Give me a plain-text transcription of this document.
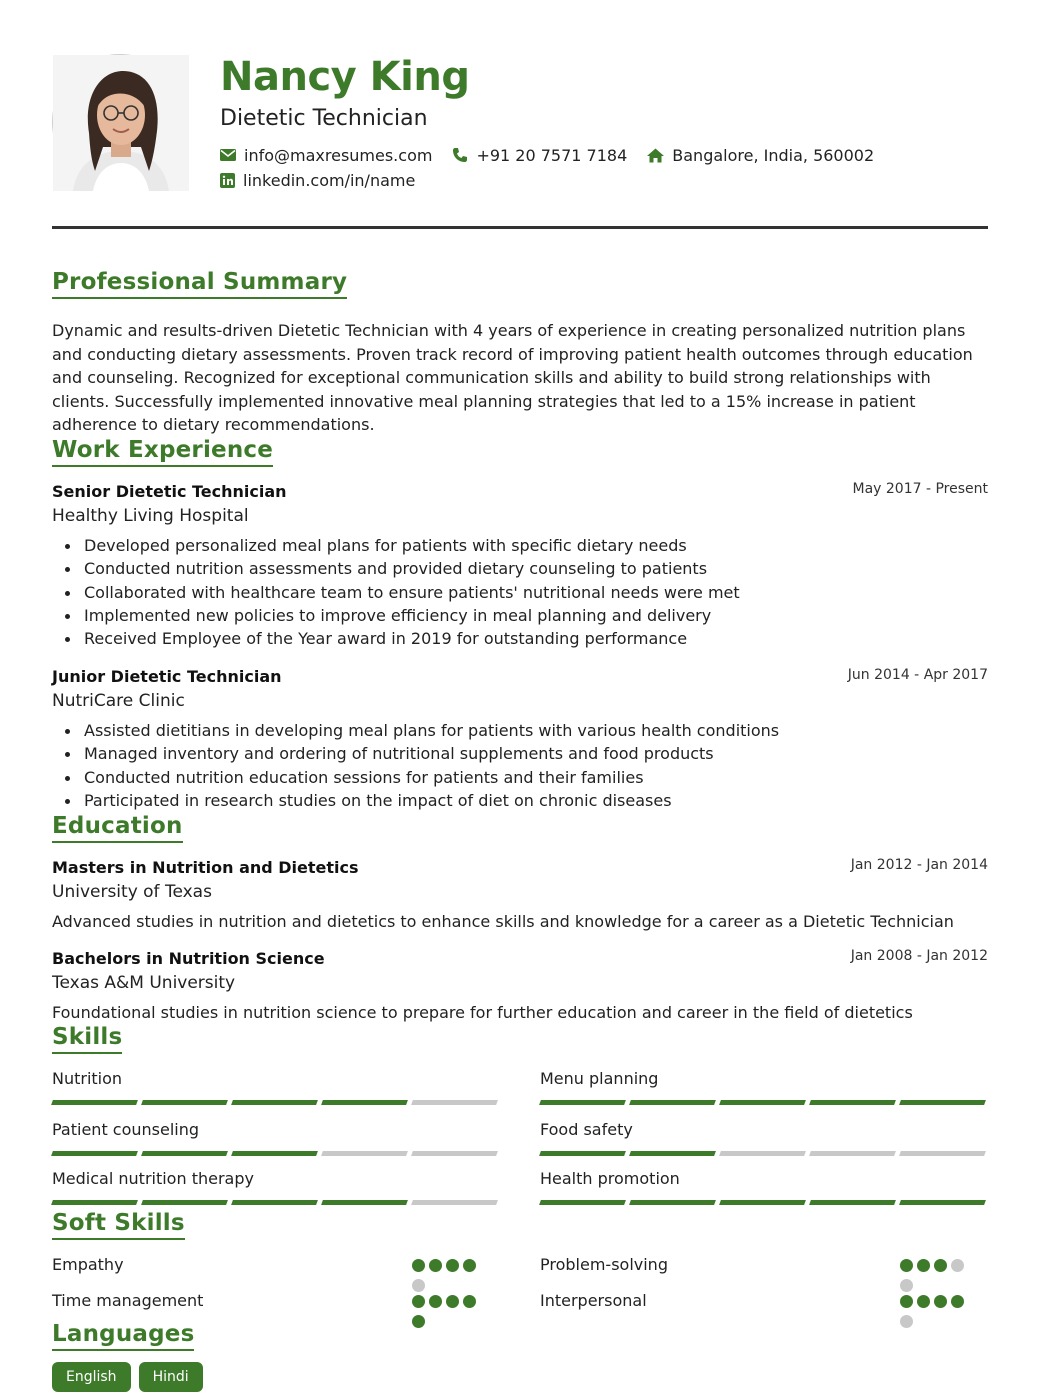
Nancy King
Dietetic Technician
info@maxresumes.com	+91 20 7571 7184	Bangalore, India, 560002
linkedin.com/in/name
Professional Summary
Dynamic and results-driven Dietetic Technician with 4 years of experience in creating personalized nutrition plans and conducting dietary assessments. Proven track record of improving patient health outcomes through education and counseling. Recognized for exceptional communication skills and ability to build strong relationships with clients. Successfully implemented innovative meal planning strategies that led to a 15% increase in patient adherence to dietary recommendations.
Work Experience
Senior Dietetic Technician	May 2017 - Present
Healthy Living Hospital
Developed personalized meal plans for patients with specific dietary needs
Conducted nutrition assessments and provided dietary counseling to patients
Collaborated with healthcare team to ensure patients' nutritional needs were met
Implemented new policies to improve efficiency in meal planning and delivery
Received Employee of the Year award in 2019 for outstanding performance
Junior Dietetic Technician	Jun 2014 - Apr 2017
NutriCare Clinic
Assisted dietitians in developing meal plans for patients with various health conditions
Managed inventory and ordering of nutritional supplements and food products
Conducted nutrition education sessions for patients and their families
Participated in research studies on the impact of diet on chronic diseases
Education
Masters in Nutrition and Dietetics	Jan 2012 - Jan 2014
University of Texas
Advanced studies in nutrition and dietetics to enhance skills and knowledge for a career as a Dietetic Technician
Bachelors in Nutrition Science	Jan 2008 - Jan 2012
Texas A&M University
Foundational studies in nutrition science to prepare for further education and career in the field of dietetics
Skills
Nutrition	Menu planning
Patient counseling	Food safety
Medical nutrition therapy	Health promotion
Soft Skills
Empathy	Problem-solving
Time management	Interpersonal
Languages
English	Hindi
